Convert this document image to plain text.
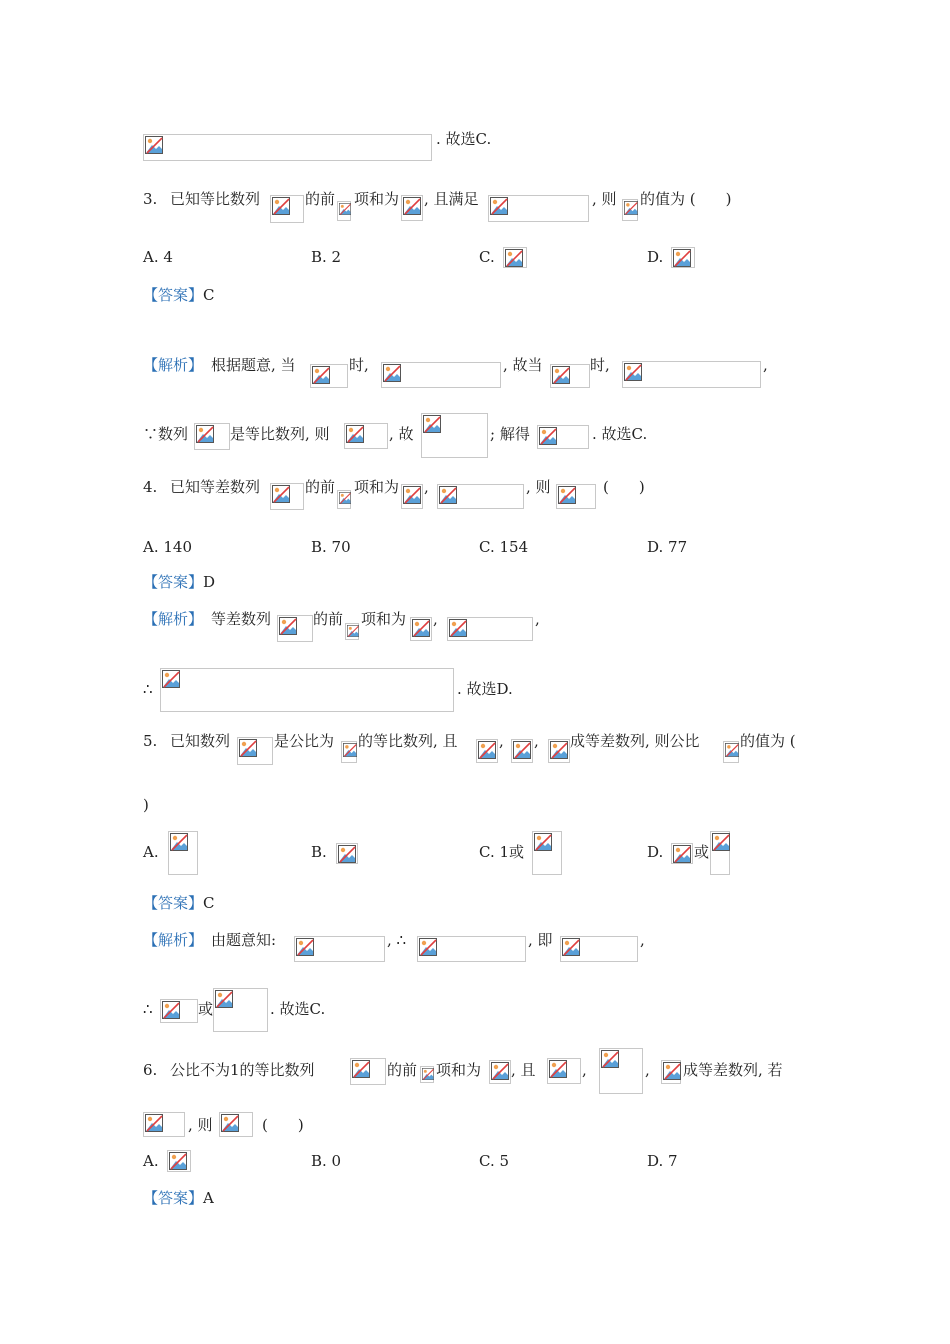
. 故选C.
3. 已知等比数列	的前 项和为 , 且满足	, 则 的值为 (　　)
A. 4	B. 2	C.	D.
【答案】C
【解析】 根据题意, 当	时,	, 故当	时,	,
∵数列	是等比数列, 则	, 故	; 解得	. 故选C.
4. 已知等差数列	的前 项和为 ,	, 则	(　　)
A. 140	B. 70	C. 154	D. 77
【答案】D
【解析】 等差数列	的前 项和为 ,	,
∴	. 故选D.
5. 已知数列	是公比为 的等比数列, 且	, , 成等差数列, 则公比	的值为 (
)
A.	B.	C. 1或	D. 或
【答案】C
【解析】 由题意知:	, ∴	, 即	,
∴	或	. 故选C.
6. 公比不为1的等比数列	的前 项和为 , 且	,	, 成等差数列, 若
, 则	(　　)
A.	B. 0	C. 5	D. 7
【答案】A
